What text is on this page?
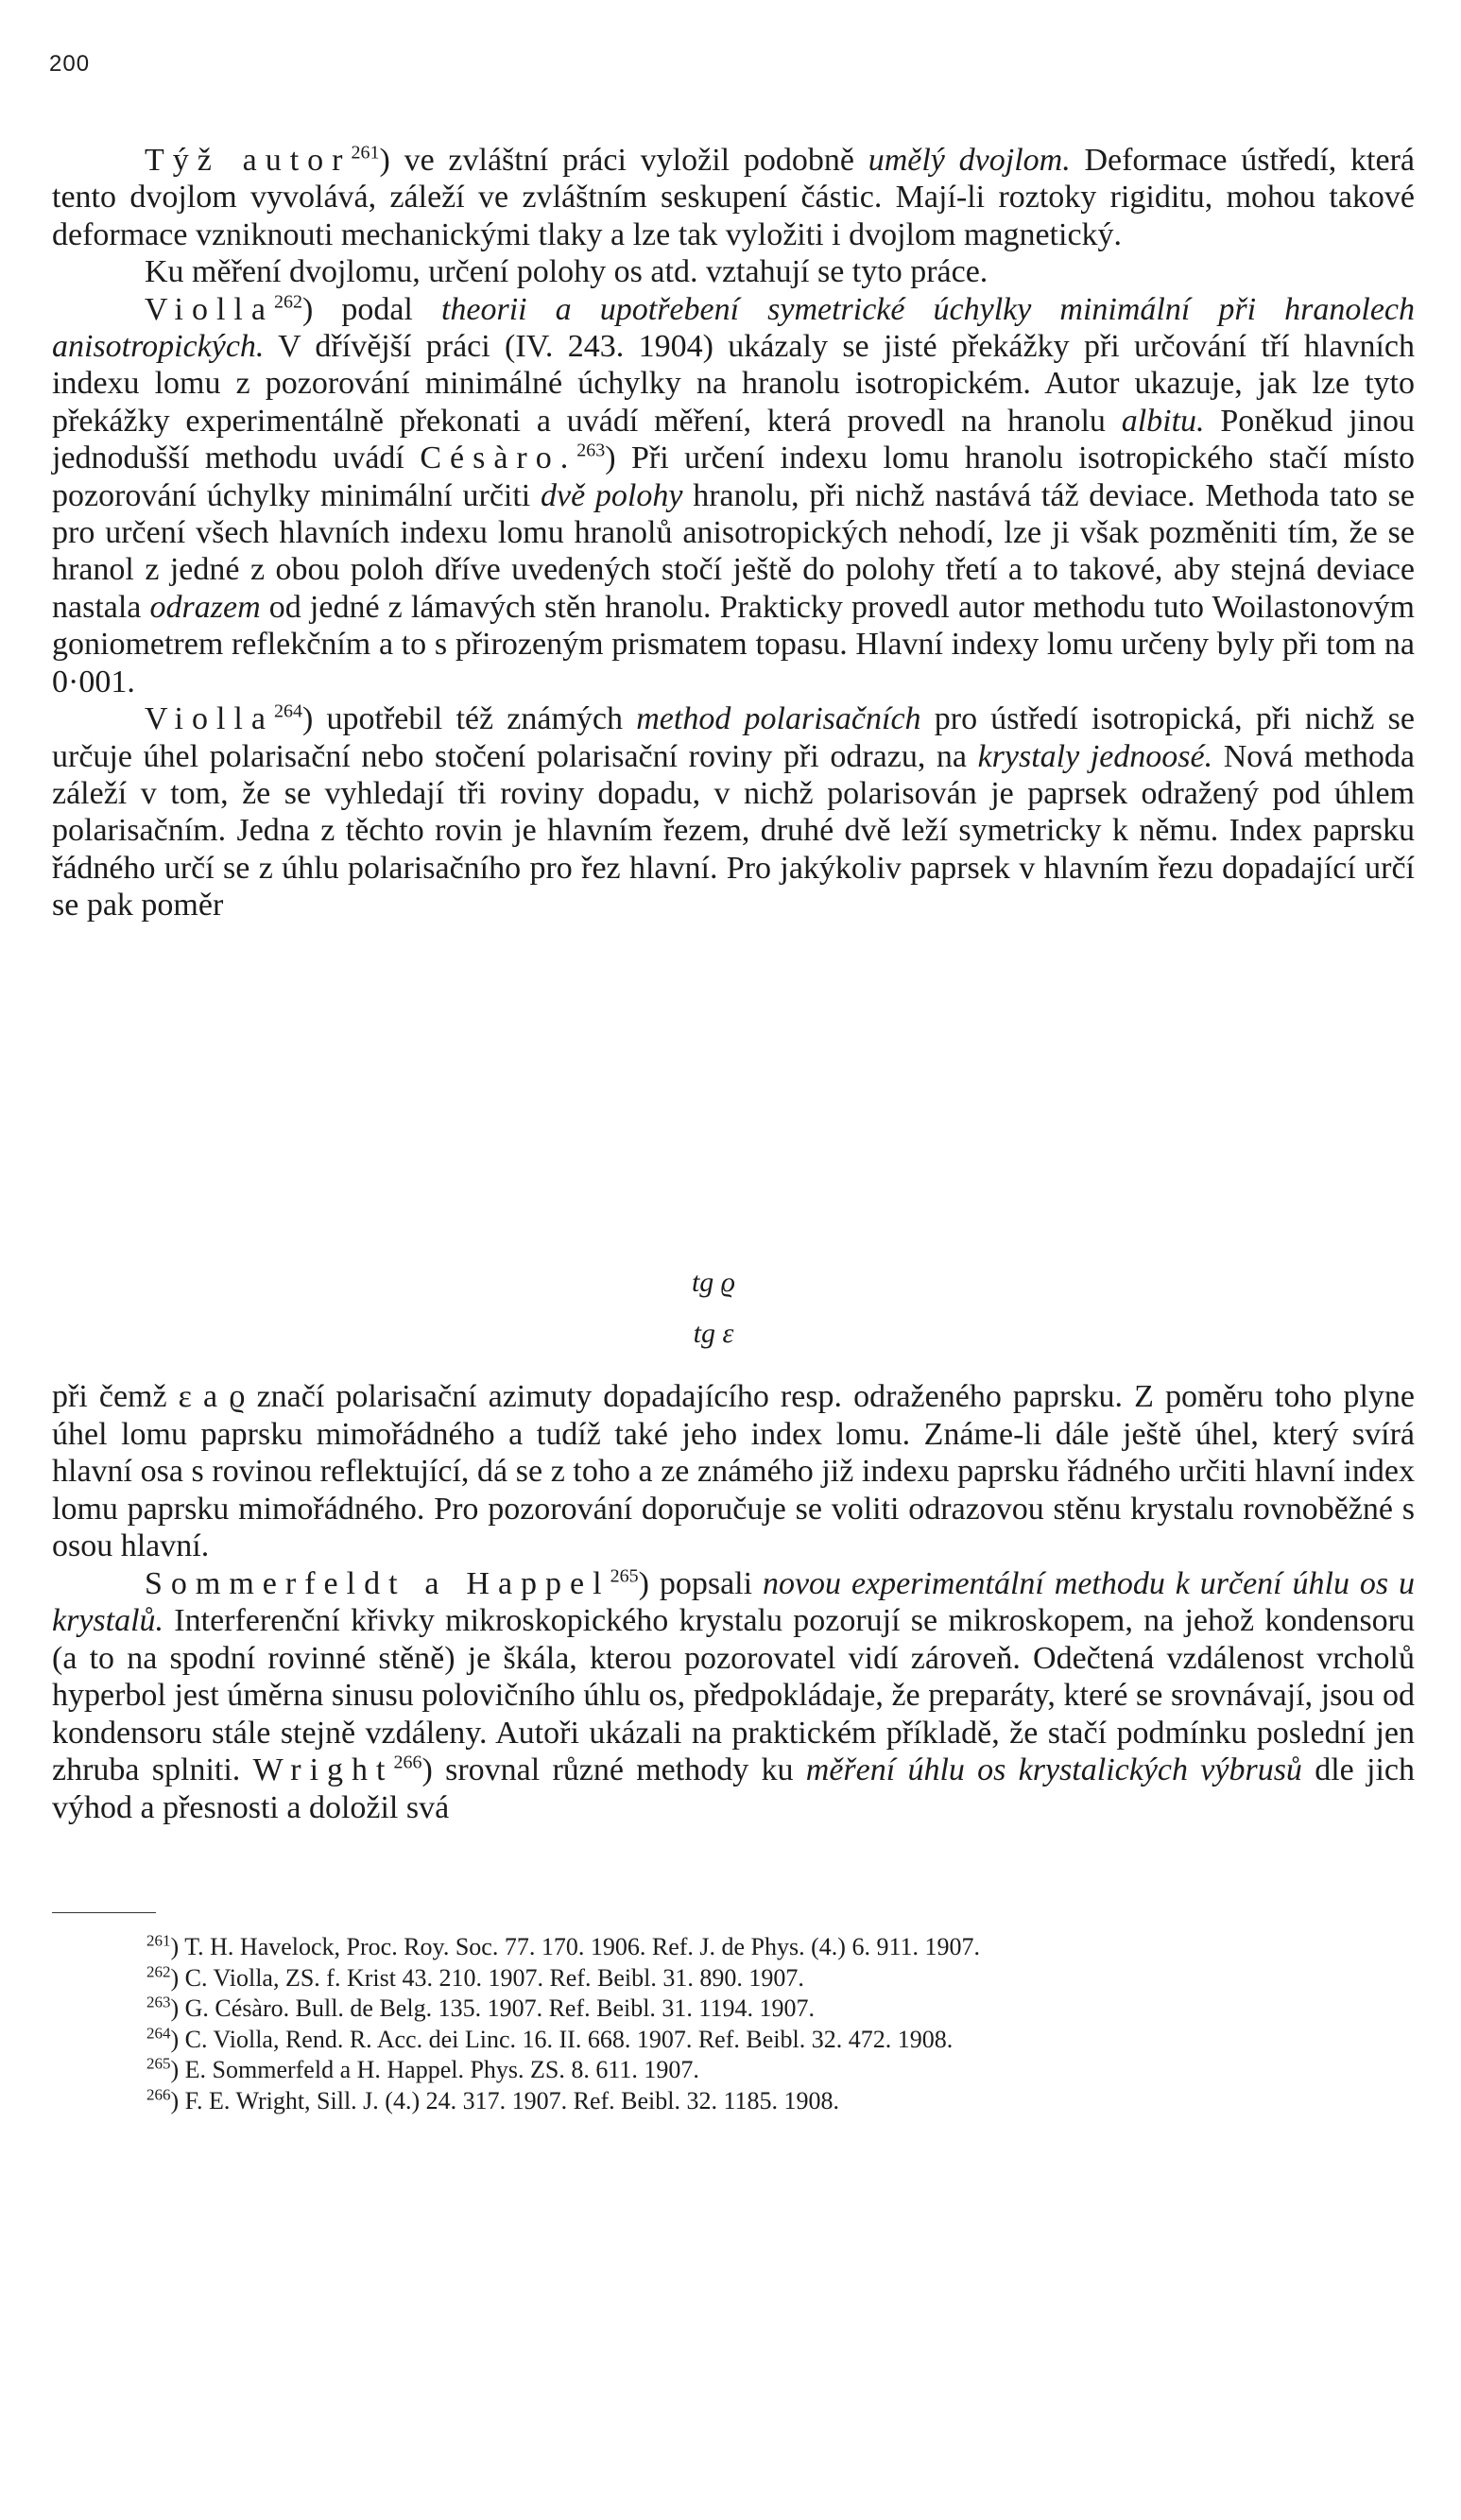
200

Týž autor$^{261}$) ve zvláštní práci vyložil podobně umělý dvojlom. Deformace ústředí, která tento dvojlom vyvolává, záleží ve zvláštním seskupení částic. Mají-li roztoky rigiditu, mohou takové deformace vzniknouti mechanickými tlaky a lze tak vyložiti i dvojlom magnetický.

Ku měření dvojlomu, určení polohy os atd. vztahují se tyto práce.

Violla$^{262}$) podal theorii a upotřebení symetrické úchylky minimální při hranolech anisotropických. V dřívější práci (IV. 243. 1904) ukázaly se jisté překážky při určování tří hlavních indexu lomu z pozorování minimálné úchylky na hranolu isotropickém. Autor ukazuje, jak lze tyto překážky experimentálně překonati a uvádí měření, která provedl na hranolu albitu. Poněkud jinou jednodušší methodu uvádí Césàro.$^{263}$) Při určení indexu lomu hranolu isotropického stačí místo pozorování úchylky minimální určiti dvě polohy hranolu, při nichž nastává táž deviace. Methoda tato se pro určení všech hlavních indexu lomu hranolů anisotropických nehodí, lze ji však pozměniti tím, že se hranol z jedné z obou poloh dříve uvedených stočí ještě do polohy třetí a to takové, aby stejná deviace nastala odrazem od jedné z lámavých stěn hranolu. Prakticky provedl autor methodu tuto Woilastonovým goniometrem reflekčním a to s přirozeným prismatem topasu. Hlavní indexy lomu určeny byly při tom na 0·001.

Violla$^{264}$) upotřebil též známých method polarisačních pro ústředí isotropická, při nichž se určuje úhel polarisační nebo stočení polarisační roviny při odrazu, na krystaly jednoosé. Nová methoda záleží v tom, že se vyhledají tři roviny dopadu, v nichž polarisován je paprsek odražený pod úhlem polarisačním. Jedna z těchto rovin je hlavním řezem, druhé dvě leží symetricky k němu. Index paprsku řádného určí se z úhlu polarisačního pro řez hlavní. Pro jakýkoliv paprsek v hlavním řezu dopadající určí se pak poměr

tg ϱ
tg ε

při čemž ε a ϱ značí polarisační azimuty dopadajícího resp. odraženého paprsku. Z poměru toho plyne úhel lomu paprsku mimořádného a tudíž také jeho index lomu. Známe-li dále ještě úhel, který svírá hlavní osa s rovinou reflektující, dá se z toho a ze známého již indexu paprsku řádného určiti hlavní index lomu paprsku mimořádného. Pro pozorování doporučuje se voliti odrazovou stěnu krystalu rovnoběžné s osou hlavní.

Sommerfeldt a Happel$^{265}$) popsali novou experimentální methodu k určení úhlu os u krystalů. Interferenční křivky mikroskopického krystalu pozorují se mikroskopem, na jehož kondensoru (a to na spodní rovinné stěně) je škála, kterou pozorovatel vidí zároveň. Odečtená vzdálenost vrcholů hyperbol jest úměrna sinusu polovičního úhlu os, předpokládaje, že preparáty, které se srovnávají, jsou od kondensoru stále stejně vzdáleny. Autoři ukázali na praktickém příkladě, že stačí podmínku poslední jen zhruba splniti. Wright$^{266}$) srovnal různé methody ku měření úhlu os krystalických výbrusů dle jich výhod a přesnosti a doložil svá

$^{261}$) T. H. Havelock, Proc. Roy. Soc. 77. 170. 1906. Ref. J. de Phys. (4.) 6. 911. 1907.

$^{262}$) C. Violla, ZS. f. Krist 43. 210. 1907. Ref. Beibl. 31. 890. 1907.

$^{263}$) G. Césàro. Bull. de Belg. 135. 1907. Ref. Beibl. 31. 1194. 1907.

$^{264}$) C. Violla, Rend. R. Acc. dei Linc. 16. II. 668. 1907. Ref. Beibl. 32. 472. 1908.

$^{265}$) E. Sommerfeld a H. Happel. Phys. ZS. 8. 611. 1907.

$^{266}$) F. E. Wright, Sill. J. (4.) 24. 317. 1907. Ref. Beibl. 32. 1185. 1908.
